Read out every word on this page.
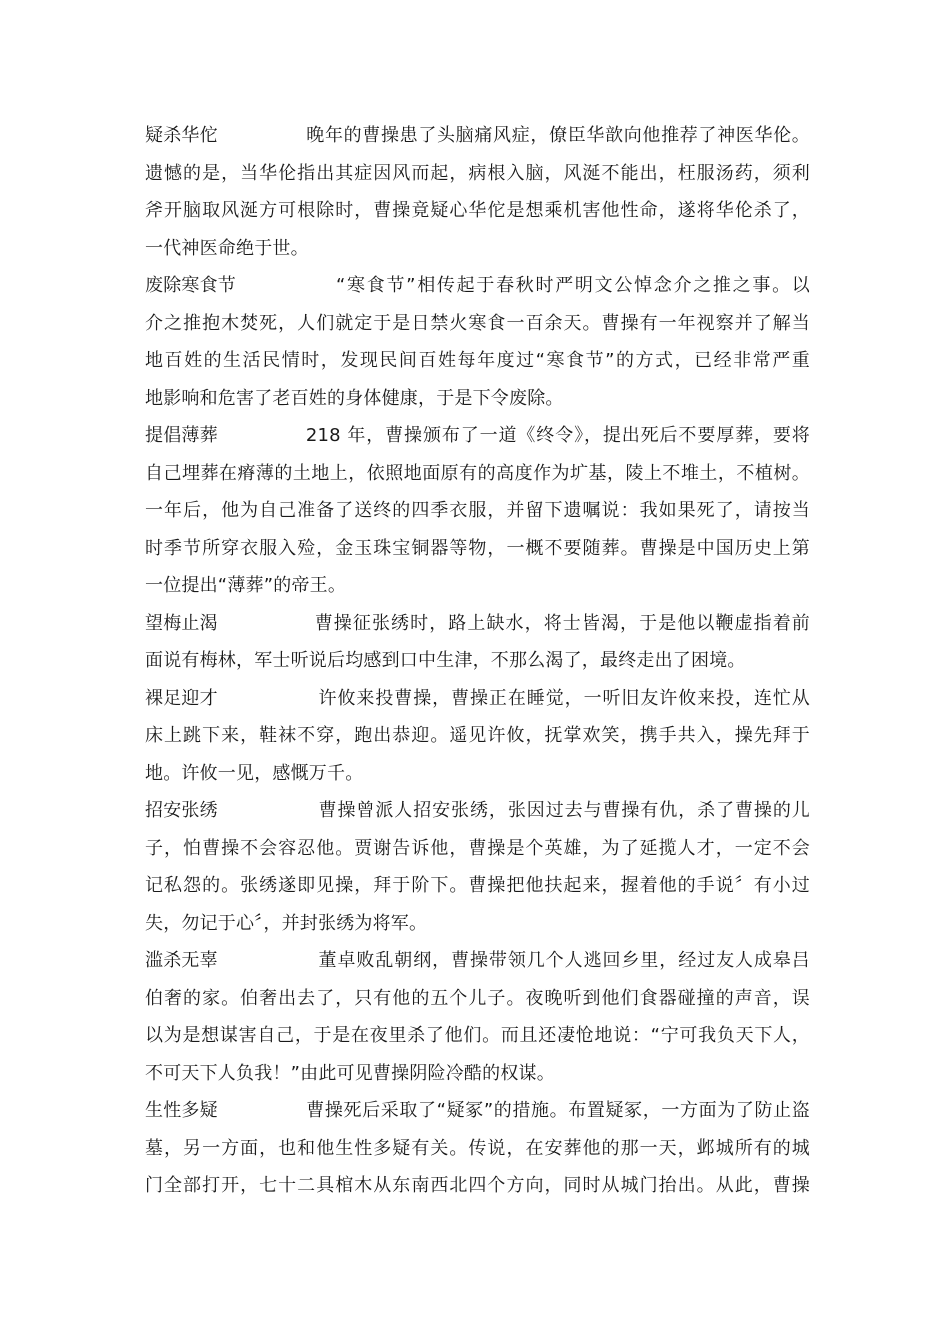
疑杀华佗	晚年的曹操患了头脑痛风症，僚臣华歆向他推荐了神医华伦。
遗憾的是，当华伦指出其症因风而起，病根入脑，风涎不能出，枉服汤药，须利
斧开脑取风涎方可根除时，曹操竟疑心华佗是想乘机害他性命，遂将华伦杀了，
一代神医命绝于世。
废除寒食节	“寒食节”相传起于春秋时严明文公悼念介之推之事。以
介之推抱木焚死，人们就定于是日禁火寒食一百余天。曹操有一年视察并了解当
地百姓的生活民情时，发现民间百姓每年度过“寒食节”的方式，已经非常严重
地影响和危害了老百姓的身体健康，于是下令废除。
提倡薄葬	218 年，曹操颁布了一道《终令》，提出死后不要厚葬，要将
自己埋葬在瘠薄的土地上，依照地面原有的高度作为圹基，陵上不堆土，不植树。
一年后，他为自己准备了送终的四季衣服，并留下遗嘱说：我如果死了，请按当
时季节所穿衣服入殓，金玉珠宝铜器等物，一概不要随葬。曹操是中国历史上第
一位提出“薄葬”的帝王。
望梅止渴	曹操征张绣时，路上缺水，将士皆渴，于是他以鞭虚指着前
面说有梅林，军士听说后均感到口中生津，不那么渴了，最终走出了困境。
裸足迎才	许攸来投曹操，曹操正在睡觉，一听旧友许攸来投，连忙从
床上跳下来，鞋袜不穿，跑出恭迎。遥见许攸，抚掌欢笑，携手共入，操先拜于
地。许攸一见，感慨万千。
招安张绣	曹操曾派人招安张绣，张因过去与曹操有仇，杀了曹操的儿
子，怕曹操不会容忍他。贾谢告诉他，曹操是个英雄，为了延揽人才，一定不会
记私怨的。张绣遂即见操，拜于阶下。曹操把他扶起来，握着他的手说〞有小过
失，勿记于心〞，并封张绣为将军。
滥杀无辜	董卓败乱朝纲，曹操带领几个人逃回乡里，经过友人成皋吕
伯奢的家。伯奢出去了，只有他的五个儿子。夜晚听到他们食器碰撞的声音，误
以为是想谋害自己，于是在夜里杀了他们。而且还凄怆地说：“宁可我负天下人，
不可天下人负我！”由此可见曹操阴险冷酷的权谋。
生性多疑	曹操死后采取了“疑冢”的措施。布置疑冢，一方面为了防止盗
墓，另一方面，也和他生性多疑有关。传说，在安葬他的那一天，邺城所有的城
门全部打开，七十二具棺木从东南西北四个方向，同时从城门抬出。从此，曹操
